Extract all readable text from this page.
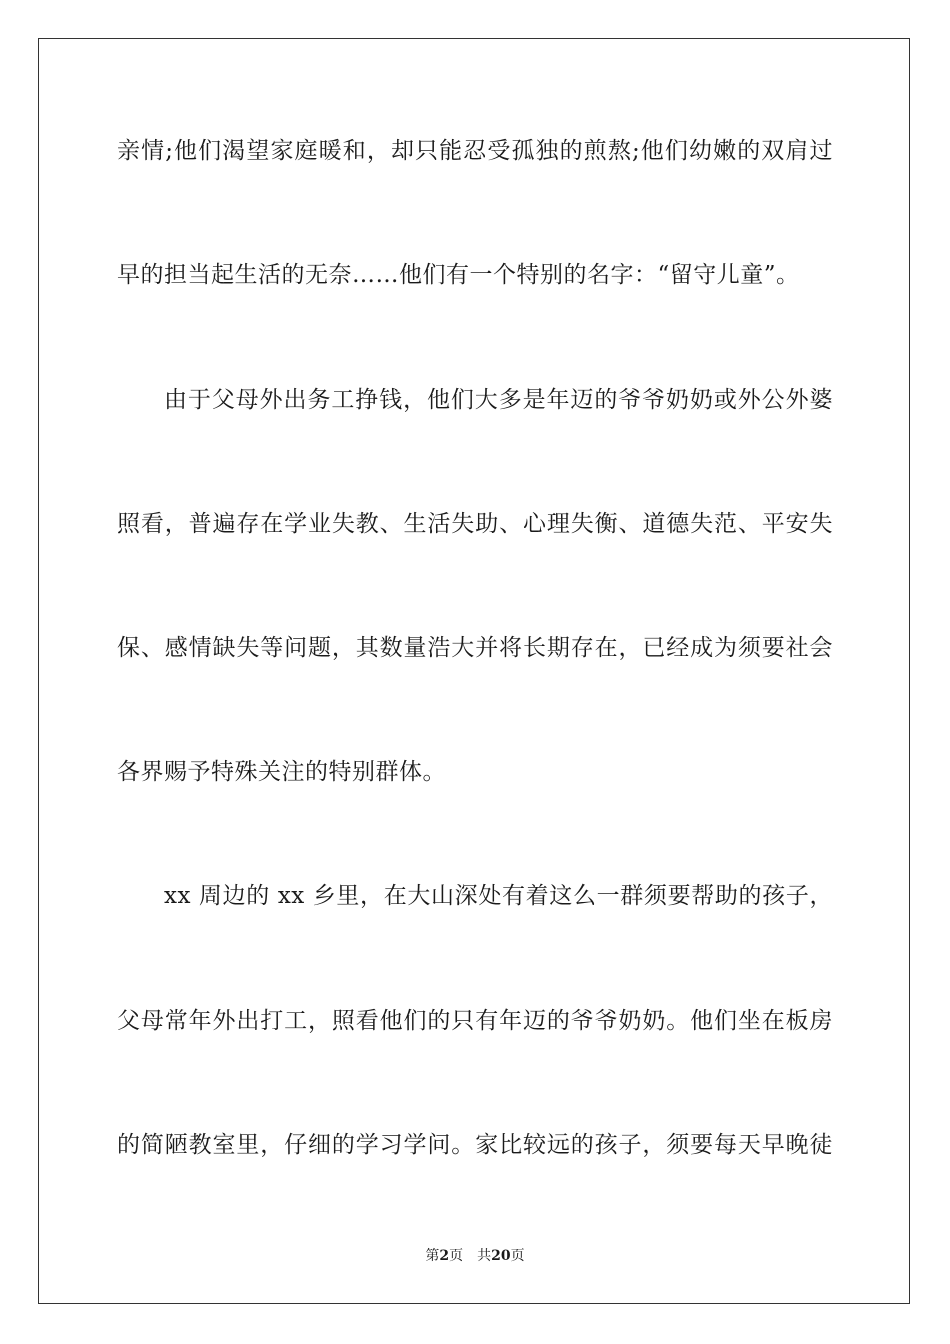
亲情;他们渴望家庭暖和，却只能忍受孤独的煎熬;他们幼嫩的双肩过
早的担当起生活的无奈……他们有一个特别的名字：“留守儿童”。
由于父母外出务工挣钱，他们大多是年迈的爷爷奶奶或外公外婆
照看，普遍存在学业失教、生活失助、心理失衡、道德失范、平安失
保、感情缺失等问题，其数量浩大并将长期存在，已经成为须要社会
各界赐予特殊关注的特别群体。
xx 周边的 xx 乡里，在大山深处有着这么一群须要帮助的孩子，
父母常年外出打工，照看他们的只有年迈的爷爷奶奶。他们坐在板房
的简陋教室里，仔细的学习学问。家比较远的孩子，须要每天早晚徒
第2页 共20页
